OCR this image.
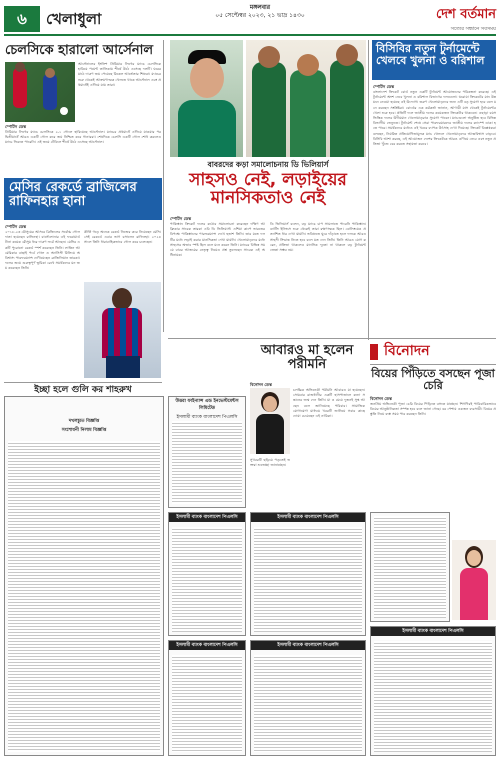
৬	খেলাধুলা
মঙ্গলবার
০৫ সেপ্টেম্বর ২০২৩, ২১ ভাদ্র ১৪৩০	দেশ বর্তমান
সত্যের সন্ধানে সবসময়
চেলসিকে হারালো আর্সেনাল
আর্সেনালের ইংলিশ প্রিমিয়ার লিগের ম্যাচে চেলসিকে হারিয়ে পয়েন্ট তালিকায় শীর্ষে উঠে এসেছে দলটি। ঘরের মাঠে দারুণ জয় পেয়েছে মিকেল আর্তেতার শিষ্যরা। ম্যাচের শুরু থেকেই আক্রমণাত্মক খেলতে থাকে আর্সেনাল এবং প্রথমার্ধেই এগিয়ে যায় তারা।
স্পোর্টস ডেস্ক
প্রিমিয়ার লিগের ম্যাচে চেলসিকে ২-১ গোলে হারিয়েছে আর্সেনাল। ম্যাচের প্রথমার্ধে এগিয়ে যাওয়ার পর দ্বিতীয়ার্ধে আরও একটি গোল করে জয় নিশ্চিত করে গানাররা। শেষদিকে চেলসি একটি গোল শোধ করলেও ম্যাচে ফিরতে পারেনি। এই জয়ে টেবিলে শীর্ষে উঠে এসেছে আর্সেনাল।
মেসির রেকর্ডে ব্রাজিলের রাফিনহার হানা
স্পোর্টস ডেস্ক
২০১৮-২৩ মৌসুমের আসরে ব্রিজিলের সর্বোচ্চ গোলদাতা হয়েছেন রাফিনহা। বার্সেলোনার এই ফরোয়ার্ড টানা কয়েক মৌসুম ধরে দারুণ ফর্মে আছেন। মেসির একটি পুরোনো রেকর্ড স্পর্শ করেছেন তিনি। লাতিন আমেরিকার বাছাই পর্বে গোল ও অ্যাসিস্ট মিলিয়ে অবিশ্বাস্য পারফরম্যান্স দেখিয়েছেন ব্রাজিলিয়ান তারকা। দলের জয়ে গুরুত্বপূর্ণ ভূমিকা রেখে সমর্থকদের মন জয় করেছেন তিনি।
কীর্তি গড়ে অনেক রেকর্ড নিজের করে নিয়েছেন মেসি। সেই রেকর্ডে এবার ভাগ বসালেন রাফিনহা। ২০২৪ সালে তিনি ধারাবাহিকভাবে গোল করে চলেছেন।
ইচ্ছা হলে গুলি কর শাহরুখ
বাবরদের কড়া সমালোচনায় ডি ভিলিয়ার্স
সাহসও নেই, লড়াইয়ের মানসিকতাও নেই
স্পোর্টস ডেস্ক
পাকিস্তান ক্রিকেট দলের কঠোর সমালোচনা করেছেন দক্ষিণ আফ্রিকার সাবেক তারকা এবি ডি ভিলিয়ার্স। এশিয়া কাপে ভারতের বিপক্ষে পাকিস্তানের পারফরম্যান্স দেখে হতাশ তিনি। তার মতে দলটির মধ্যে লড়াই করার মানসিকতা দেখা যায়নি। খেলোয়াড়দের মধ্যে সাহসের অভাব স্পষ্ট ছিল বলে মনে করেন তিনি। ম্যাচের বিভিন্ন সময়ে বাবর আজমের নেতৃত্ব নিয়েও প্রশ্ন তুলেছেন সাবেক এই অধিনায়ক।
ডি ভিলিয়ার্স বলেন, বড় ম্যাচে চাপ সামলাতে পারেনি পাকিস্তান। ব্যাটিং ইনিংসে শুরু থেকেই তারা রক্ষণাত্মক ছিল। বোলিংয়েও প্রত্যাশিত ধার দেখা যায়নি। ভবিষ্যতে ঘুরে দাঁড়াতে হলে দলকে আরও সাহসী সিদ্ধান্ত নিতে হবে বলে মত দেন তিনি। তিনি আরও যোগ করেন, প্রতিভা থাকলেও মানসিক দৃঢ়তা না থাকলে বড় টুর্নামেন্ট জেতা সম্ভব নয়।
বিসিবির নতুন টুর্নামেন্টে খেলবে খুলনা ও বরিশাল
স্পোর্টস ডেস্ক
বাংলাদেশ ক্রিকেট বোর্ড নতুন একটি টুর্নামেন্ট আয়োজনের পরিকল্পনা করেছে। এই টুর্নামেন্টে অংশ নেবে খুলনা ও বরিশাল বিভাগের দলগুলো। ঘরোয়া ক্রিকেটের মান উন্নয়নে নেওয়া হয়েছে এই উদ্যোগ। তরুণ খেলোয়াড়দের জন্য এটি বড় সুযোগ হবে বলে মনে করছেন সংশ্লিষ্টরা। বোর্ডের এক কর্মকর্তা জানান, আগামী মাস থেকেই টুর্নামেন্টের খেলা শুরু হবে। প্রতিটি দলে জাতীয় দলের কয়েকজন ক্রিকেটার থাকবেন। এছাড়া বয়সভিত্তিক দলের উদীয়মান খেলোয়াড়রাও সুযোগ পাবেন। ম্যাচগুলো অনুষ্ঠিত হবে বিভিন্ন বিভাগীয় ভেন্যুতে। টুর্নামেন্ট শেষে সেরা পারফরমারদের জাতীয় দলের ক্যাম্পে ডাকা হতে পারে। সমর্থকদের মধ্যেও এই খবরে ব্যাপক উৎসাহ দেখা দিয়েছে। ক্রিকেট বিশ্লেষকরা বলছেন, নিয়মিত প্রতিযোগিতামূলক ম্যাচ খেললে খেলোয়াড়দের আত্মবিশ্বাস বাড়বে। বিসিবি আশা করছে, এই আয়োজন দেশের ক্রিকেটকে আরও এগিয়ে নেবে এবং নতুন প্রতিভা খুঁজে বের করতে সহায়তা করবে।
আবারও মা হলেন পরীমনি
বিনোদন
বিয়ের পিঁড়িতে বসছেন পূজা চেরি
বিনোদন ডেস্ক
চলচ্চিত্র অভিনেত্রী পরীমনি আবারও মা হয়েছেন। সোমবার রাজধানীর একটি হাসপাতালে কন্যা সন্তানের জন্ম দেন তিনি। মা ও মেয়ে দুজনই সুস্থ আছেন বলে জানিয়েছে পরিবার। সামাজিক যোগাযোগ মাধ্যমে খবরটি জানিয়ে সবার কাছে দোয়া চেয়েছেন এই নায়িকা।
সুখবরটি ছড়িয়ে পড়তেই ভক্তরা শুভেচ্ছা জানাচ্ছেন।
বিনোদন ডেস্ক
জনপ্রিয় অভিনেত্রী পূজা চেরি বিয়ের পিঁড়িতে বসতে যাচ্ছেন। শিগগিরই পারিবারিকভাবে বিয়ের আনুষ্ঠানিকতা সম্পন্ন হবে বলে জানা গেছে। বর পেশায় একজন ব্যবসায়ী। বিয়ের প্রস্তুতি নিয়ে ব্যস্ত সময় পার করছেন তিনি।
দখলচ্যুত বিজ্ঞপ্তি
সংশোধনী নিলাম বিজ্ঞপ্তি
উত্তরা ফাইন্যান্স এন্ড ইনভেস্টমেন্টস লিমিটেড
ইসলামী ব্যাংক বাংলাদেশ পিএলসি
ইসলামী ব্যাংক বাংলাদেশ পিএলসি
ইসলামী ব্যাংক বাংলাদেশ পিএলসি
ইসলামী ব্যাংক বাংলাদেশ পিএলসি
ইসলামী ব্যাংক বাংলাদেশ পিএলসি
ইসলামী ব্যাংক বাংলাদেশ পিএলসি
